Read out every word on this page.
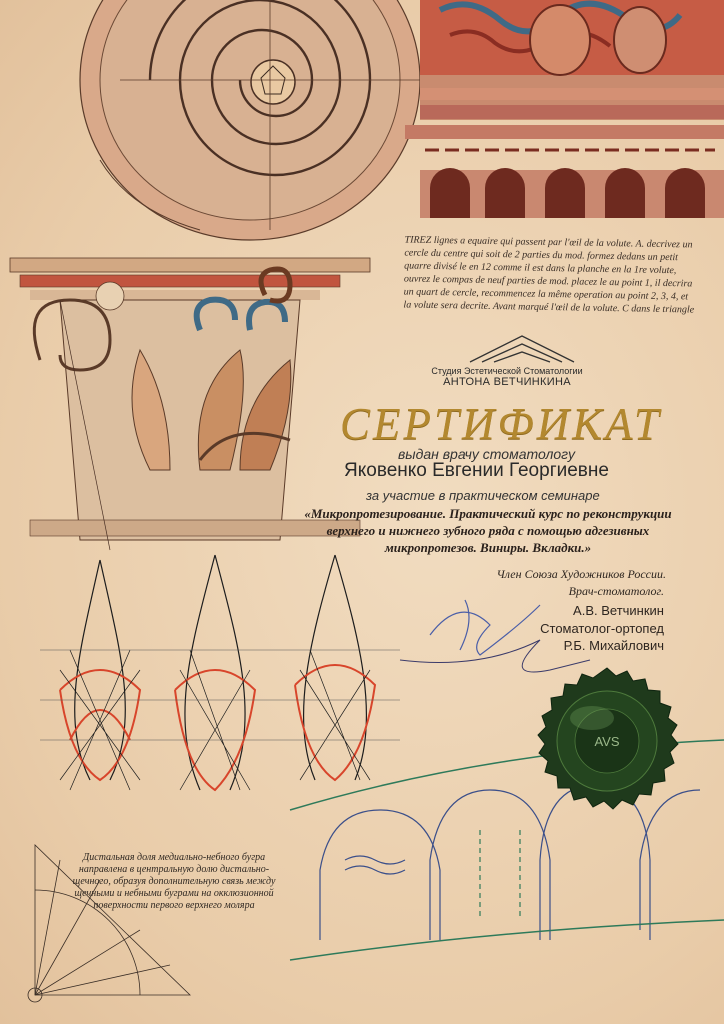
TIREZ lignes a equaire qui passent par l'œil de la volute. A. decrivez un cercle du centre qui soit de 2 parties du mod. formez dedans un petit quarre divisé le en 12 comme il est dans la planche en la 1re volute, ouvrez le compas de neuf parties de mod. placez le au point 1, il decrira un quart de cercle, recommencez la même operation au point 2, 3, 4, et la volute sera decrite. Avant marqué l'œil de la volute. C dans le triangle
Студия Эстетической Стоматологии
АНТОНА ВЕТЧИНКИНА
СЕРТИФИКАТ
выдан врачу стоматологу
Яковенко Евгении Георгиевне
за участие в практическом семинаре
«Микропротезирование. Практический курс по реконструкции верхнего и нижнего зубного ряда с помощью адгезивных микропротезов. Виниры. Вкладки.»
Член Союза Художников России.
Врач-стоматолог.
А.В. Ветчинкин
Стоматолог-ортопед
Р.Б. Михайлович
AVS
Дистальная доля медиально-небного бугра направлена в центральную долю дистально-щечного, образуя дополнительную связь между щечными и небными буграми на окклюзионной поверхности первого верхнего моляра
